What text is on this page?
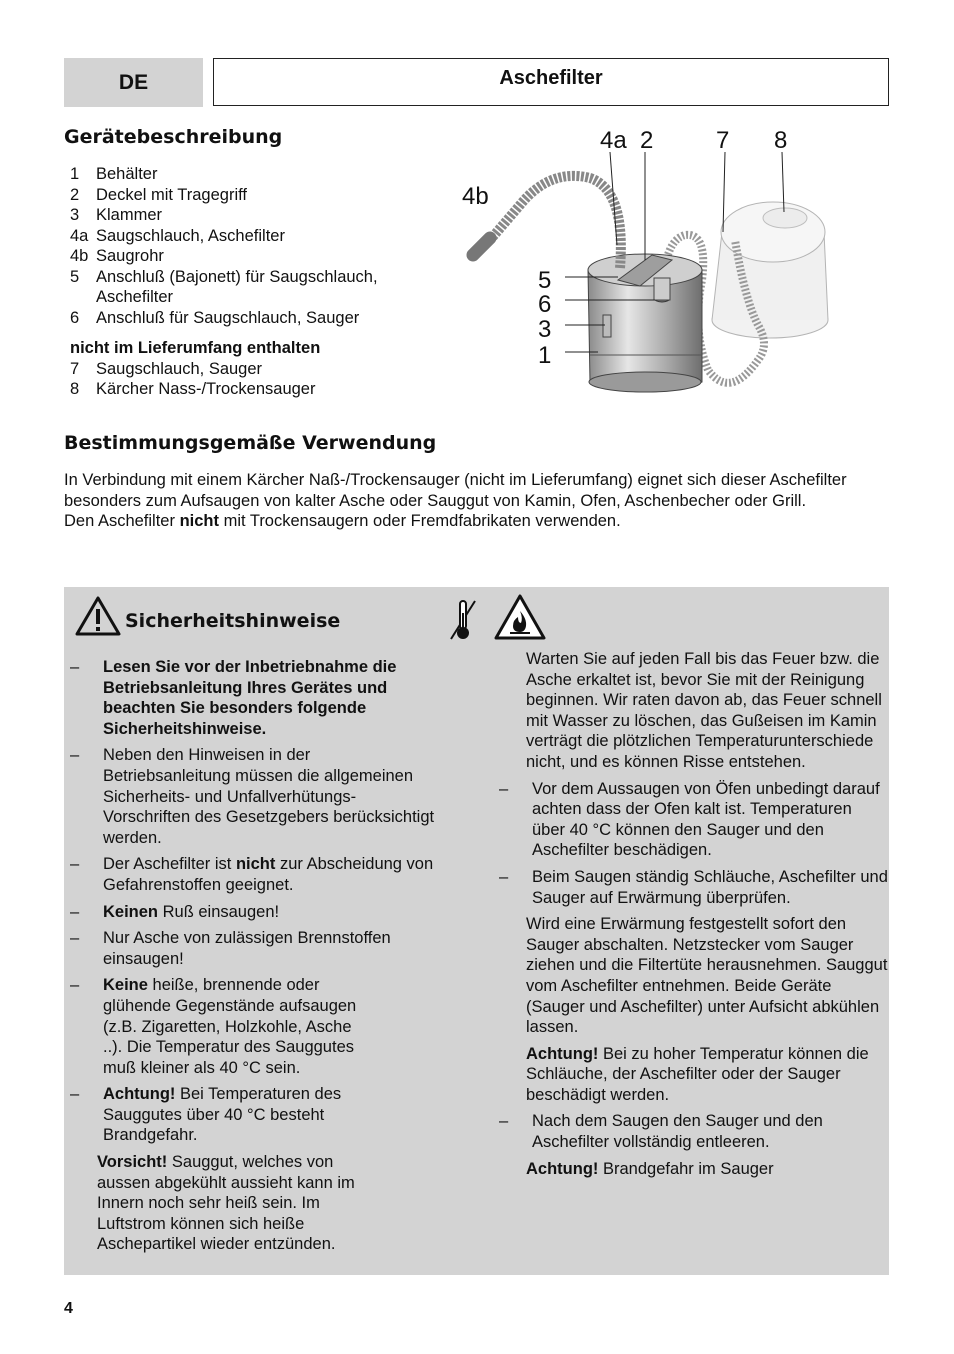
DE	Aschefilter
Gerätebeschreibung
1	Behälter
2	Deckel mit Tragegriff
3	Klammer
4a Saugschlauch, Aschefilter
4b Saugrohr
5	Anschluß (Bajonett) für Saugschlauch, Aschefilter
6	Anschluß für Saugschlauch, Sauger
nicht im Lieferumfang enthalten
7	Saugschlauch, Sauger
8	Kärcher Nass-/Trockensauger
4a 2	7 8
4b
5
6
3
1
Bestimmungsgemäße Verwendung

In Verbindung mit einem Kärcher Naß-/Trockensauger (nicht im Lieferumfang) eignet sich dieser Aschefilter besonders zum Aufsaugen von kalter Asche oder Sauggut von Kamin, Ofen, Aschenbecher oder Grill.

Den Aschefilter nicht mit Trockensaugern oder Fremdfabrikaten verwenden.

Sicherheitshinweise
–	Lesen Sie vor der Inbetriebnahme die Betriebsanleitung Ihres Gerätes und beachten Sie besonders folgende Sicherheitshinweise.
–	Neben den Hinweisen in der Betriebsanleitung müssen die allgemeinen Sicherheits- und Unfallverhütungs-Vorschriften des Gesetzgebers berücksichtigt werden.
–	Der Aschefilter ist nicht zur Abscheidung von Gefahrenstoffen geeignet.
–	Keinen Ruß einsaugen!
–	Nur Asche von zulässigen Brennstoffen einsaugen!
–	Keine heiße, brennende oder glühende Gegenstände aufsaugen (z.B. Zigaretten, Holzkohle, Asche ..). Die Temperatur des Sauggutes muß kleiner als 40 °C sein.
–	Achtung! Bei Temperaturen des Sauggutes über 40 °C besteht Brandgefahr.
Vorsicht! Sauggut, welches von aussen abgekühlt aussieht kann im Innern noch sehr heiß sein. Im Luftstrom können sich heiße Aschepartikel wieder entzünden.
Warten Sie auf jeden Fall bis das Feuer bzw. die Asche erkaltet ist, bevor Sie mit der Reinigung beginnen. Wir raten davon ab, das Feuer schnell mit Wasser zu löschen, das Gußeisen im Kamin verträgt die plötzlichen Temperaturunterschiede nicht, und es können Risse entstehen.
–	Vor dem Aussaugen von Öfen unbedingt darauf achten dass der Ofen kalt ist. Temperaturen über 40 °C können den Sauger und den Aschefilter beschädigen.
–	Beim Saugen ständig Schläuche, Aschefilter und Sauger auf Erwärmung überprüfen.
Wird eine Erwärmung festgestellt sofort den Sauger abschalten. Netzstecker vom Sauger ziehen und die Filtertüte herausnehmen. Sauggut vom Aschefilter entnehmen. Beide Geräte (Sauger und Aschefilter) unter Aufsicht abkühlen lassen.
Achtung! Bei zu hoher Temperatur können die Schläuche, der Aschefilter oder der Sauger beschädigt werden.
–	Nach dem Saugen den Sauger und den Aschefilter vollständig entleeren.
Achtung! Brandgefahr im Sauger
4
